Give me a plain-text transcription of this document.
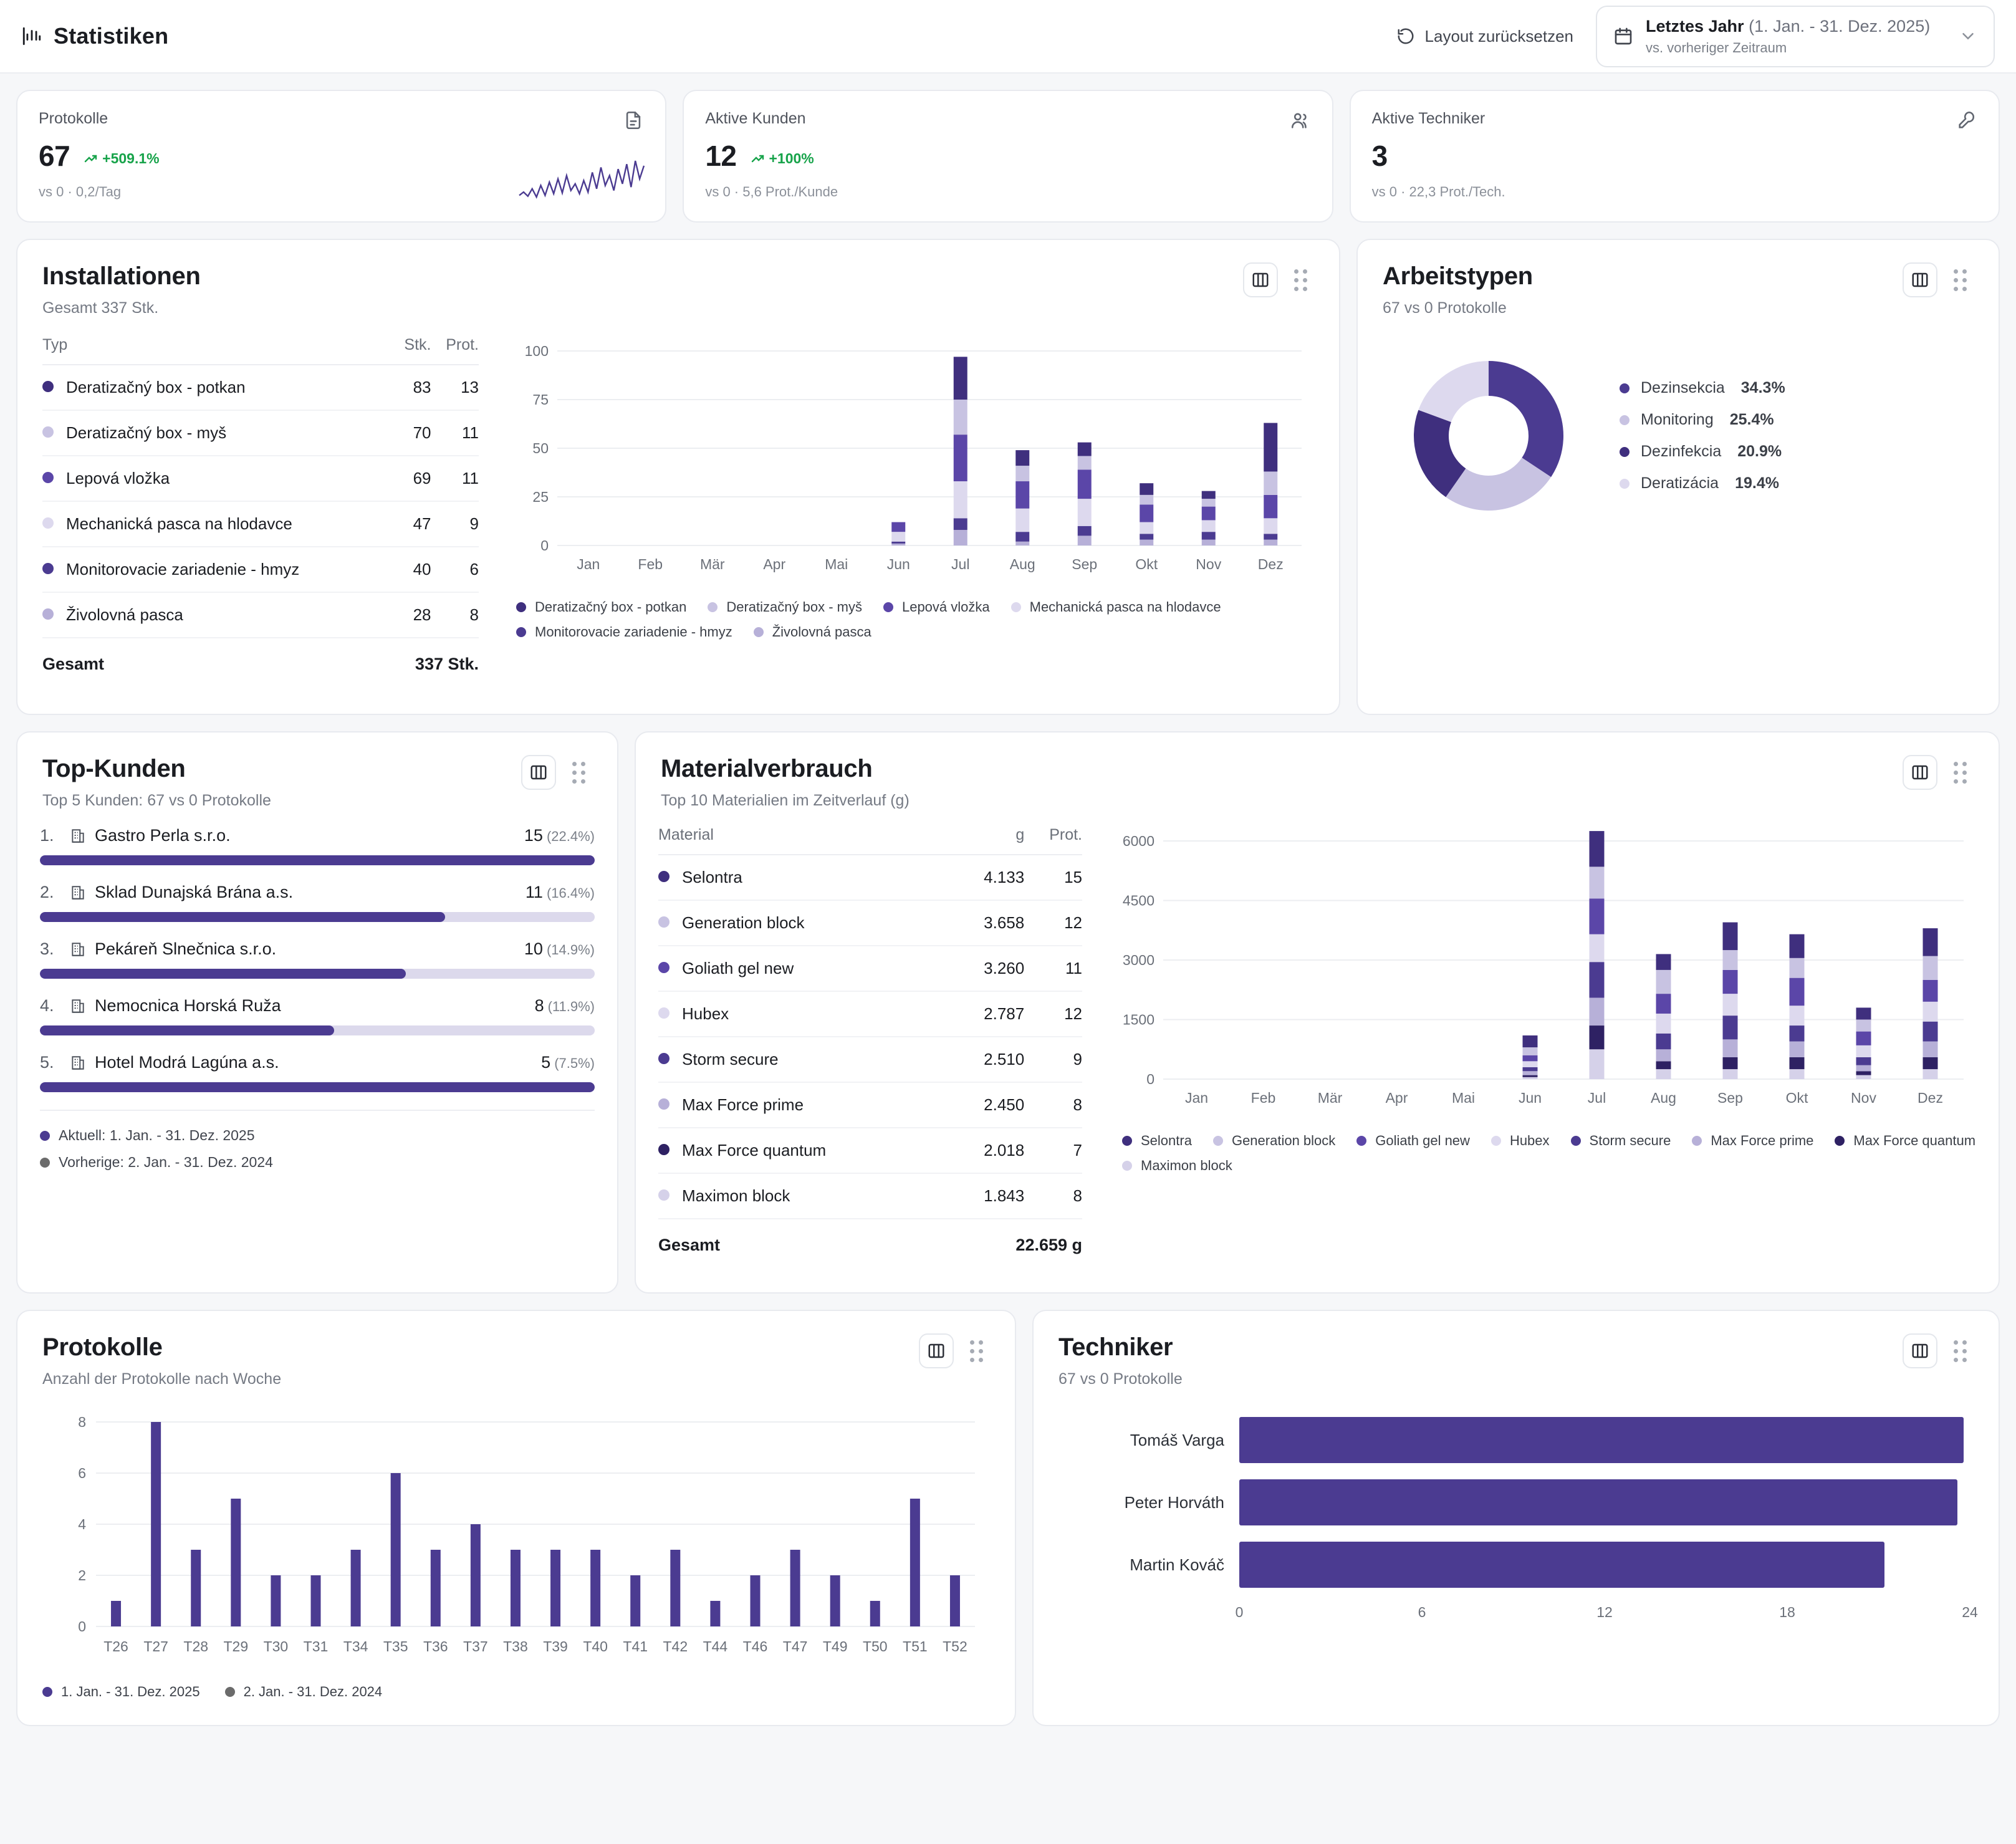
Statistiken	Layout zurücksetzen
Letztes Jahr (1. Jan. - 31. Dez. 2025)
vs. vorheriger Zeitraum
Protokolle
67 +509.1%
vs 0 · 0,2/Tag
Aktive Kunden
12 +100%
vs 0 · 5,6 Prot./Kunde
Aktive Techniker
3
vs 0 · 22,3 Prot./Tech.
Installationen
Gesamt 337 Stk.
Typ	Stk.	Prot.
Deratizačný box - potkan	83	13
Deratizačný box - myš	70	11
Lepová vložka	69	11
Mechanická pasca na hlodavce	47	9
Monitorovacie zariadenie - hmyz	40	6
Živolovná pasca	28	8
Gesamt	337 Stk.	
0
25
50
75
100
Jan	Feb	Mär	Apr	Mai	Jun	Jul	Aug	Sep	Okt	Nov	Dez
Deratizačný box - potkan	Deratizačný box - myš	Lepová vložka	Mechanická pasca na hlodavce
Monitorovacie zariadenie - hmyz	Živolovná pasca
Arbeitstypen
67 vs 0 Protokolle
Dezinsekcia 34.3%
Monitoring 25.4%
Dezinfekcia 20.9%
Deratizácia 19.4%
Top-Kunden
Top 5 Kunden: 67 vs 0 Protokolle
1.	Gastro Perla s.r.o.	15 (22.4%)
2.	Sklad Dunajská Brána a.s.	11 (16.4%)
3.	Pekáreň Slnečnica s.r.o.	10 (14.9%)
4.	Nemocnica Horská Ruža	8 (11.9%)
5.	Hotel Modrá Lagúna a.s.	5 (7.5%)
Aktuell: 1. Jan. - 31. Dez. 2025
Vorherige: 2. Jan. - 31. Dez. 2024
Materialverbrauch
Top 10 Materialien im Zeitverlauf (g)
Material	g	Prot.
Selontra	4.133	15
Generation block	3.658	12
Goliath gel new	3.260	11
Hubex	2.787	12
Storm secure	2.510	9
Max Force prime	2.450	8
Max Force quantum	2.018	7
Maximon block	1.843	8
Gesamt	22.659 g	
0
1500
3000
4500
6000
Jan	Feb	Mär	Apr	Mai	Jun	Jul	Aug	Sep	Okt	Nov	Dez
Selontra	Generation block	Goliath gel new	Hubex	Storm secure	Max Force prime	Max Force quantum
Maximon block
Protokolle
Anzahl der Protokolle nach Woche
0
2
4
6
8
T26 T27 T28 T29 T30 T31 T34 T35 T36 T37 T38 T39 T40 T41 T42 T44 T46 T47 T49 T50 T51 T52
1. Jan. - 31. Dez. 2025	2. Jan. - 31. Dez. 2024
Techniker
67 vs 0 Protokolle
Tomáš Varga
Peter Horváth
Martin Kováč
0	6	12	18	24
